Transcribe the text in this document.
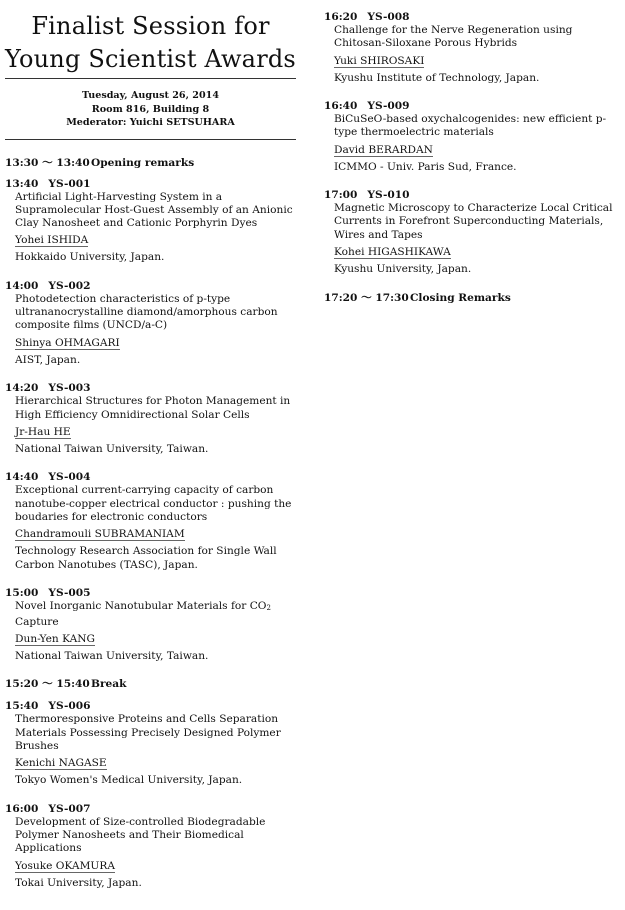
Finalist Session for
Young Scientist Awards
Tuesday, August 26, 2014
Room 816, Building 8
Mederator: Yuichi SETSUHARA
13:30 ～ 13:40Opening remarks
13:40 YS-001
Artificial Light-Harvesting System in a Supramolecular Host-Guest Assembly of an Anionic Clay Nanosheet and Cationic Porphyrin Dyes
Yohei ISHIDA
Hokkaido University, Japan.
14:00 YS-002
Photodetection characteristics of p-type ultrananocrystalline diamond/amorphous carbon composite films (UNCD/a-C)
Shinya OHMAGARI
AIST, Japan.
14:20 YS-003
Hierarchical Structures for Photon Management in High Efficiency Omnidirectional Solar Cells
Jr-Hau HE
National Taiwan University, Taiwan.
14:40 YS-004
Exceptional current-carrying capacity of carbon nanotube-copper electrical conductor : pushing the boudaries for electronic conductors
Chandramouli SUBRAMANIAM
Technology Research Association for Single Wall Carbon Nanotubes (TASC), Japan.
15:00 YS-005
Novel Inorganic Nanotubular Materials for $CO_2$ Capture
Dun-Yen KANG
National Taiwan University, Taiwan.
15:20 ～ 15:40Break
15:40 YS-006
Thermoresponsive Proteins and Cells Separation Materials Possessing Precisely Designed Polymer Brushes
Kenichi NAGASE
Tokyo Women's Medical University, Japan.
16:00 YS-007
Development of Size-controlled Biodegradable Polymer Nanosheets and Their Biomedical Applications
Yosuke OKAMURA
Tokai University, Japan.
16:20 YS-008
Challenge for the Nerve Regeneration using Chitosan-Siloxane Porous Hybrids
Yuki SHIROSAKI
Kyushu Institute of Technology, Japan.
16:40 YS-009
BiCuSeO-based oxychalcogenides: new efficient p-type thermoelectric materials
David BERARDAN
ICMMO - Univ. Paris Sud, France.
17:00 YS-010
Magnetic Microscopy to Characterize Local Critical Currents in Forefront Superconducting Materials, Wires and Tapes
Kohei HIGASHIKAWA
Kyushu University, Japan.
17:20 ～ 17:30Closing Remarks
